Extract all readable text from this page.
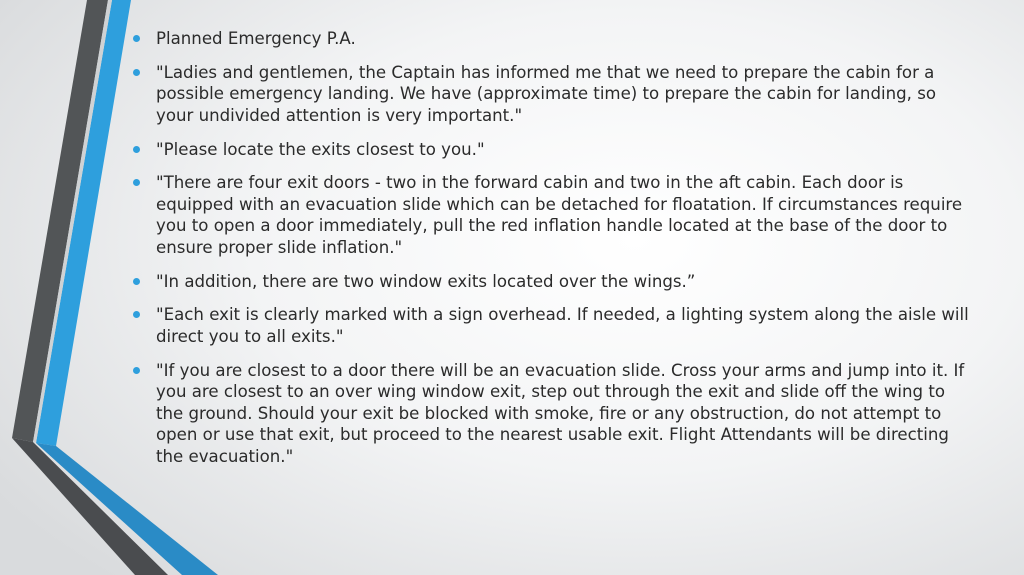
Planned Emergency P.A.
"Ladies and gentlemen, the Captain has informed me that we need to prepare the cabin for a possible emergency landing. We have (approximate time) to prepare the cabin for landing, so your undivided attention is very important."
"Please locate the exits closest to you."
"There are four exit doors - two in the forward cabin and two in the aft cabin. Each door is equipped with an evacuation slide which can be detached for floatation. If circumstances require you to open a door immediately, pull the red inflation handle located at the base of the door to ensure proper slide inflation."
"In addition, there are two window exits located over the wings.”
"Each exit is clearly marked with a sign overhead. If needed, a lighting system along the aisle will direct you to all exits."
"If you are closest to a door there will be an evacuation slide. Cross your arms and jump into it. If you are closest to an over wing window exit, step out through the exit and slide off the wing to the ground. Should your exit be blocked with smoke, fire or any obstruction, do not attempt to open or use that exit, but proceed to the nearest usable exit. Flight Attendants will be directing the evacuation."
